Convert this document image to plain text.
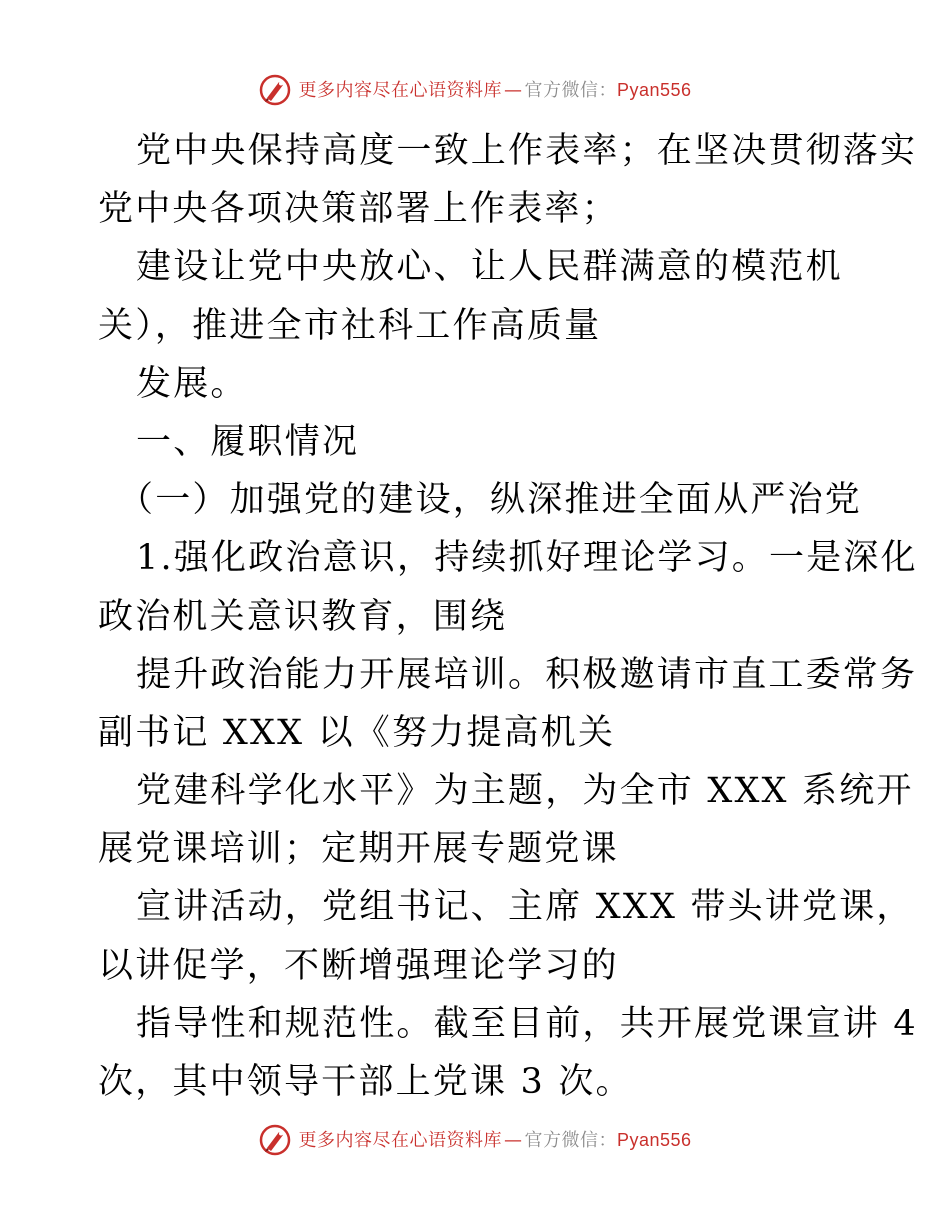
更多内容尽在心语资料库 — 官方微信：Pyan556
党中央保持高度一致上作表率；在坚决贯彻落实
党中央各项决策部署上作表率；
建设让党中央放心、让人民群满意的模范机
关），推进全市社科工作高质量
发展。
一、履职情况
（一）加强党的建设，纵深推进全面从严治党
1.强化政治意识，持续抓好理论学习。一是深化
政治机关意识教育，围绕
提升政治能力开展培训。积极邀请市直工委常务
副书记 XXX 以《努力提高机关
党建科学化水平》为主题，为全市 XXX 系统开
展党课培训；定期开展专题党课
宣讲活动，党组书记、主席 XXX 带头讲党课，
以讲促学，不断增强理论学习的
指导性和规范性。截至目前，共开展党课宣讲 4
次，其中领导干部上党课 3 次。
更多内容尽在心语资料库 — 官方微信：Pyan556
